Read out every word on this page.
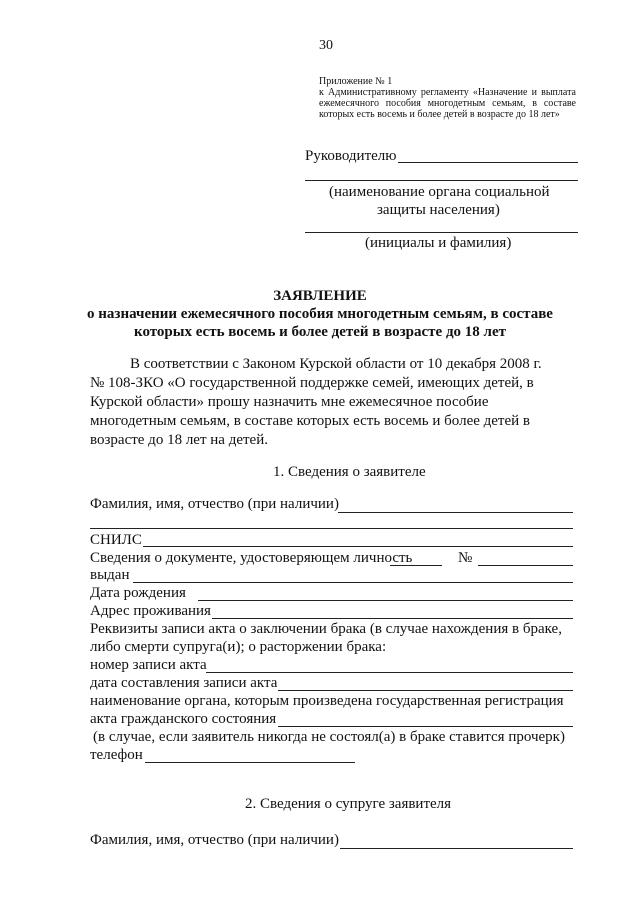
30
Приложение № 1
к Административному регламенту «Назначение и выплата ежемесячного пособия многодетным семьям, в составе которых есть восемь и более детей в возрасте до 18 лет»
Руководителю
(наименование органа социальной
защиты населения)
(инициалы и фамилия)
ЗАЯВЛЕНИЕ
о назначении ежемесячного пособия многодетным семьям, в составе
которых есть восемь и более детей в возрасте до 18 лет
В соответствии с Законом Курской области от 10 декабря 2008 г.
№ 108-ЗКО «О государственной поддержке семей, имеющих детей, в
Курской области» прошу назначить мне ежемесячное пособие
многодетным семьям, в составе которых есть восемь и более детей в
возрасте до 18 лет на детей.
1. Сведения о заявителе
Фамилия, имя, отчество (при наличии)
СНИЛС
Сведения о документе, удостоверяющем личность	№
выдан
Дата рождения
Адрес проживания
Реквизиты записи акта о заключении брака (в случае нахождения в браке,
либо смерти супруга(и); о расторжении брака:
номер записи акта
дата составления записи акта
наименование органа, которым произведена государственная регистрация
акта гражданского состояния
(в случае, если заявитель никогда не состоял(а) в браке ставится прочерк)
телефон
2. Сведения о супруге заявителя
Фамилия, имя, отчество (при наличии)
